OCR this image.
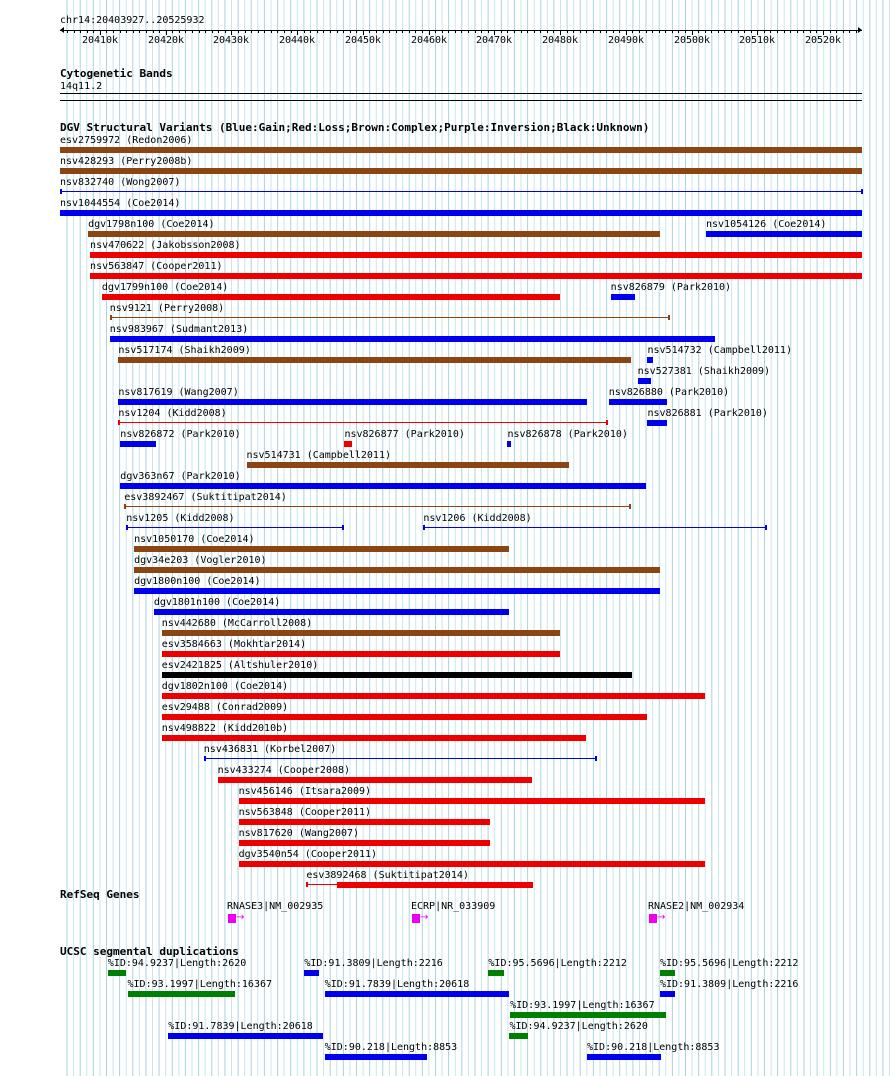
chr14:20403927..20525932
20410k	20420k	20430k	20440k	20450k	20460k	20470k	20480k	20490k	20500k	20510k	20520k
Cytogenetic Bands
14q11.2
DGV Structural Variants (Blue:Gain;Red:Loss;Brown:Complex;Purple:Inversion;Black:Unknown)
esv2759972 (Redon2006)
nsv428293 (Perry2008b)
nsv832740 (Wong2007)
nsv1044554 (Coe2014)
dgv1798n100 (Coe2014)	nsv1054126 (Coe2014)
nsv470622 (Jakobsson2008)
nsv563847 (Cooper2011)
dgv1799n100 (Coe2014)	nsv826879 (Park2010)
nsv9121 (Perry2008)
nsv983967 (Sudmant2013)
nsv517174 (Shaikh2009)
nsv527381 (Shaikh2009)
nsv817619 (Wang2007)	nsv826880 (Park2010)
nsv1204 (Kidd2008)
nsv514732 (Campbell2011)
nsv826872 (Park2010)
nsv514731 (Campbell2011)
nsv826881 (Park2010)
dgv363n67 (Park2010)
esv3892467 (Suktitipat2014)
nsv1205 (Kidd2008)
nsv826877 (Park2010)	nsv826878 (Park2010)
nsv1050170 (Coe2014)
dgv34e203 (Vogler2010)
dgv1800n100 (Coe2014)
dgv1801n100 (Coe2014)
nsv442680 (McCarroll2008)
esv3584663 (Mokhtar2014)
esv2421825 (Altshuler2010)
dgv1802n100 (Coe2014)
esv29488 (Conrad2009)
nsv498822 (Kidd2010b)
nsv436831 (Korbel2007)
nsv433274 (Cooper2008)
nsv456146 (Itsara2009)
nsv563848 (Cooper2011)
nsv817620 (Wang2007)
dgv3540n54 (Cooper2011)
esv3892468 (Suktitipat2014)
nsv1206 (Kidd2008)
RefSeq Genes
RNASE3|NM_002935
→
ECRP|NR_033909
→
RNASE2|NM_002934
→
UCSC segmental duplications
%ID:94.9237|Length:2620	%ID:91.3809|Length:2216	%ID:95.5696|Length:2212	%ID:95.5696|Length:2212
%ID:93.1997|Length:16367	%ID:91.7839|Length:20618
%ID:93.1997|Length:16367
%ID:91.7839|Length:20618
%ID:90.218|Length:8853
%ID:94.9237|Length:2620
%ID:91.3809|Length:2216
%ID:90.218|Length:8853
